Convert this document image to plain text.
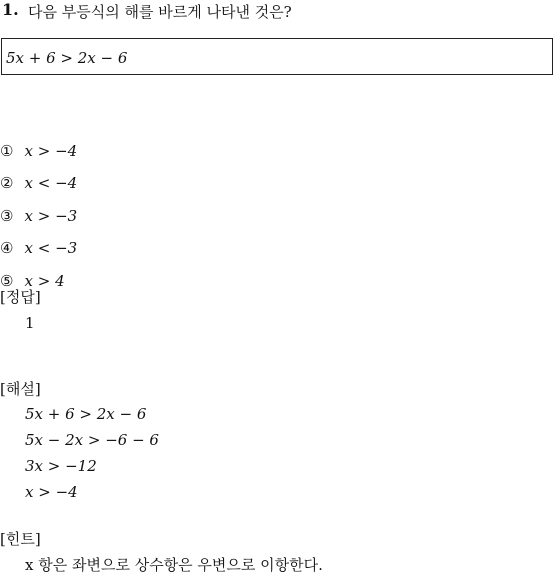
1. 다음 부등식의 해를 바르게 나타낸 것은?
5x + 6 > 2x − 6
① x > −4
② x < −4
③ x > −3
④ x < −3
⑤ x > 4
[정답]
1
[해설]
5x + 6 > 2x − 6
5x − 2x > −6 − 6
3x > −12
x > −4
[힌트]
x 항은 좌변으로 상수항은 우변으로 이항한다.
